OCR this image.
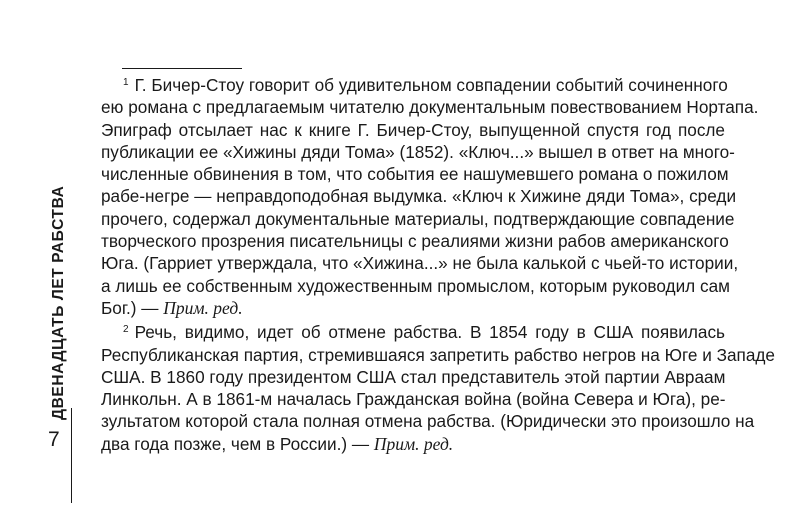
ДВЕНАДЦАТЬ ЛЕТ РАБСТВА
7

$^1$ Г. Бичер-Стоу говорит об удивительном совпадении событий сочиненного
ею романа с предлагаемым читателю документальным повествованием Нортапа.
Эпиграф отсылает нас к книге Г. Бичер-Стоу, выпущенной спустя год после
публикации ее «Хижины дяди Тома» (1852). «Ключ...» вышел в ответ на много-
численные обвинения в том, что события ее нашумевшего романа о пожилом
рабе-негре — неправдоподобная выдумка. «Ключ к Хижине дяди Тома», среди
прочего, содержал документальные материалы, подтверждающие совпадение
творческого прозрения писательницы с реалиями жизни рабов американского
Юга. (Гарриет утверждала, что «Хижина...» не была калькой с чьей-то истории,
а лишь ее собственным художественным промыслом, которым руководил сам
Бог.) — Прим. ред.

$^2$ Речь, видимо, идет об отмене рабства. В 1854 году в США появилась
Республиканская партия, стремившаяся запретить рабство негров на Юге и Западе
США. В 1860 году президентом США стал представитель этой партии Авраам
Линкольн. А в 1861-м началась Гражданская война (война Севера и Юга), ре-
зультатом которой стала полная отмена рабства. (Юридически это произошло на
два года позже, чем в России.) — Прим. ред.
